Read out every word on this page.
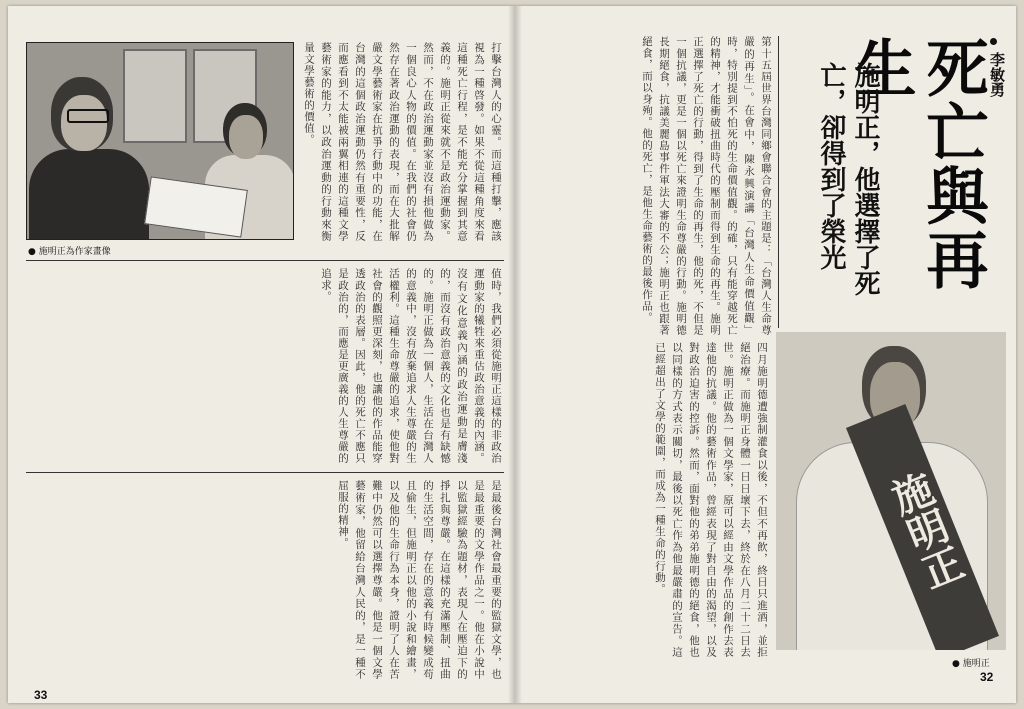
● 施明正為作家畫像
打擊台灣人的心靈。而這種打擊，應該視為一種啓發。如果不從這種角度來看這種死亡行程，是不能充分掌握到其意義的。施明正從來就不是政治運動家。然而，不在政治運動家並沒有損他做為一個良心人物的價值。在我們的社會仍然存在著政治運動的表現，而在大批解嚴文學藝術家在抗爭行動中的功能，在台灣的這個政治運動仍然有重要性，反而應看到不太能被兩翼相連的這種文學藝術家的能力，以政治運動的行動來衡量文學藝術的價值。
值時，我們必須從施明正這樣的非政治運動家的犧牲來重估政治意義的內涵。沒有文化意義內涵的政治運動是膚淺的，而沒有政治意義的文化也是有缺憾的。施明正做為一個人，生活在台灣人的意義中，沒有放棄追求人生尊嚴的生活權利。這種生命尊嚴的追求，使他對社會的觀照更深刻，也讓他的作品能穿透政治的表層。因此，他的死亡不應只是政治的，而應是更廣義的人生尊嚴的追求。
是最後台灣社會最重要的監獄文學，也是最重要的文學作品之一。他在小說中以監獄經驗為題材，表現人在壓迫下的掙扎與尊嚴。在這樣的充滿壓制、扭曲的生活空間，存在的意義有時候變成苟且偷生，但施明正以他的小說和繪畫，以及他的生命行為本身，證明了人在苦難中仍然可以選擇尊嚴。他是一個文學藝術家，他留給台灣人民的，是一種不屈服的精神。
33
李敏勇
死亡與再生
施明正，他選擇了死亡，卻得到了榮光
第十五屆世界台灣同鄉會聯合會的主題是：「台灣人生命尊嚴的再生」。在會中，陳永興演講「台灣人生命價值觀」時，特別提到不怕死的生命價值觀。的確，只有能穿越死亡的精神，才能衝破扭曲時代的壓制而得到生命的再生。施明正選擇了死亡的行動，得到了生命的再生，他的死，不但是一個抗議，更是一個以死亡來證明生命尊嚴的行動。施明德長期絕食，抗議美麗島事件軍法大審的不公；施明正也跟著絕食，而以身殉。他的死亡，是他生命藝術的最後作品。
四月施明德遭強制灌食以後，不但不再飲，終日只進酒，並拒絕治療。而施明正身體一日日壞下去，終於在八月二十二日去世。施明正做為一個文學家，原可以經由文學作品的創作去表達他的抗議。他的藝術作品，曾經表現了對自由的渴望，以及對政治迫害的控訴。然而，面對他的弟弟施明德的絕食，他也以同樣的方式表示關切，最後以死亡作為他最嚴肅的宣告。這已經超出了文學的範圍，而成為一種生命的行動。	施明正
● 施明正
32
